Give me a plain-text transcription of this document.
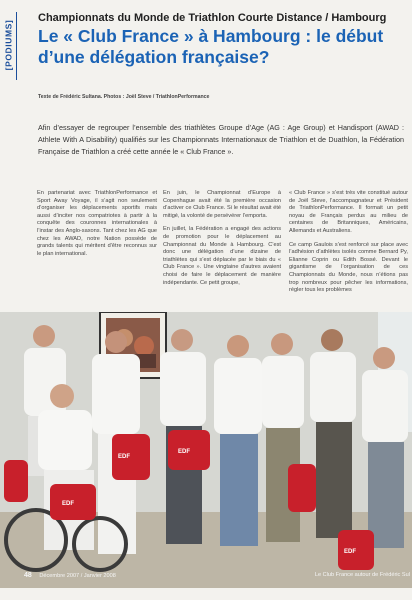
[PODIUMS]
Championnats du Monde de Triathlon Courte Distance / Hambourg
Le « Club France » à Hambourg : le début d’une délégation française?
Texte de Frédéric Sultana. Photos : Joël Steve / TriathlonPerformance
Afin d’essayer de regrouper l’ensemble des triathlètes Groupe d’Age (AG : Age Group) et Handisport (AWAD : Athlete With A Disability) qualifiés sur les Championnats Internationaux de Triathlon et de Duathlon, la Fédération Française de Triathlon a créé cette année le « Club France ».

En partenariat avec TriathlonPerformance et Sport Away Voyage, il s’agit non seulement d’organiser les déplacements sportifs mais aussi d’inciter nos compatriotes à partir à la conquête des couronnes internationales à l’instar des Anglo-saxons. Tant chez les AG que chez les AWAD, notre Nation possède de grands talents qui méritent d’être reconnus sur le plan international.

En juin, le Championnat d’Europe à Copenhague avait été la première occasion d’activer ce Club France. Si le résultat avait été mitigé, la volonté de persévérer l’emporta.

En juillet, la Fédération a engagé des actions de promotion pour le déplacement au Championnat du Monde à Hambourg. C’est donc une délégation d’une dizaine de triathlètes qui s’est déplacée par le biais du « Club France ». Une vingtaine d’autres avaient choisi de faire le déplacement de manière indépendante. Ce petit groupe,

« Club France » s’est très vite constitué autour de Joël Steve, l’accompagnateur et Président de TriathlonPerformance. Il formait un petit noyau de Français perdus au milieu de centaines de Britanniques, Américains, Allemands et Australiens.

Ce camp Gaulois s’est renforcé sur place avec l’adhésion d’athlètes isolés comme Bernard Py, Elianne Coprin ou Edith Bossé. Devant le gigantisme de l’organisation de ces Championnats du Monde, nous n’étions pas trop nombreux pour pêcher les informations, régler tous les problèmes

EDF
EDF
EDF
EDF
48 Décembre 2007 / Janvier 2008	Le Club France autour de Frédéric Sul
